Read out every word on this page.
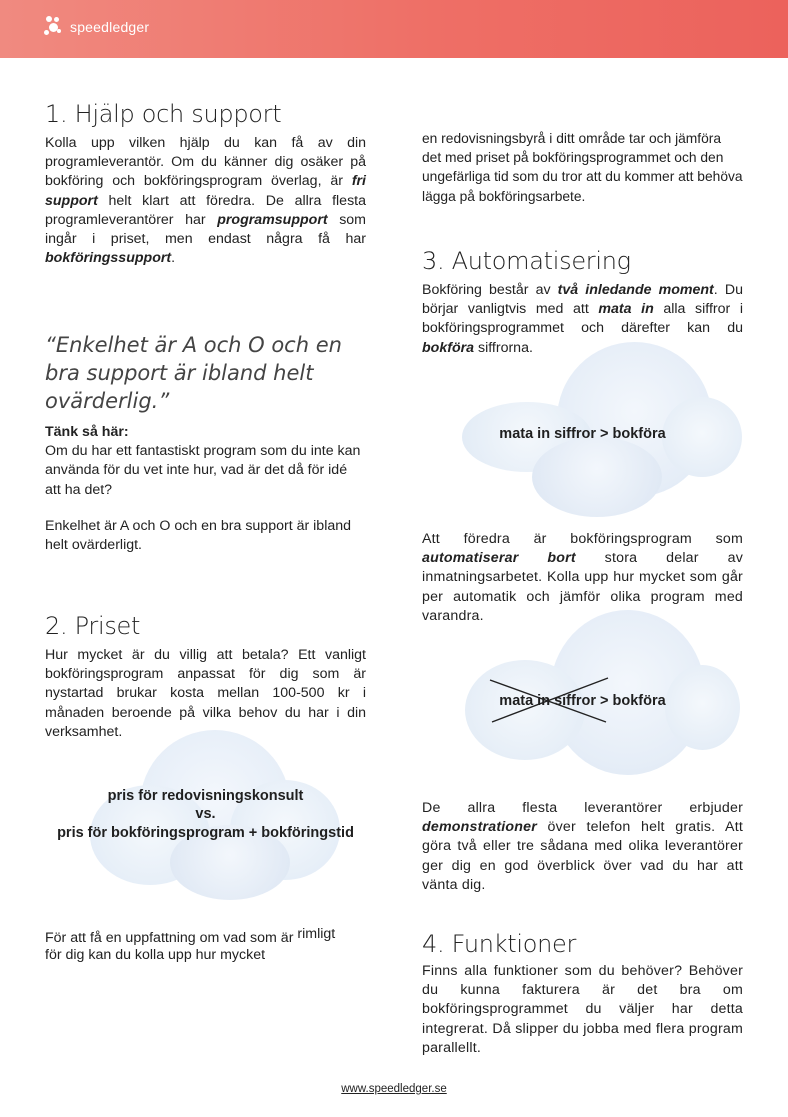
speedledger
1. Hjälp och support

Kolla upp vilken hjälp du kan få av din programleverantör. Om du känner dig osäker på bokföring och bokföringsprogram överlag, är fri support helt klart att föredra. De allra flesta programleverantörer har programsupport som ingår i priset, men endast några få har bokföringssupport.

“Enkelhet är A och O och en bra support är ibland helt ovärderlig.”

Tänk så här:

Om du har ett fantastiskt program som du inte kan använda för du vet inte hur, vad är det då för idé att ha det?

Enkelhet är A och O och en bra support är ibland helt ovärderligt.

2. Priset

Hur mycket är du villig att betala? Ett vanligt bokföringsprogram anpassat för dig som är nystartad brukar kosta mellan 100-500 kr i månaden beroende på vilka behov du har i din verksamhet.

pris för redovisningskonsult
vs.
pris för bokföringsprogram + bokföringstid
För att få en uppfattning om vad som är rimligt
för dig kan du kolla upp hur mycket

en redovisningsbyrå i ditt område tar och jämföra det med priset på bokföringsprogrammet och den ungefärliga tid som du tror att du kommer att behöva lägga på bokföringsarbete.

3. Automatisering

Bokföring består av två inledande moment. Du börjar vanligtvis med att mata in alla siffror i bokföringsprogrammet och därefter kan du bokföra siffrorna.

mata in siffror > bokföra

Att föredra är bokföringsprogram som automatiserar bort stora delar av inmatningsarbetet. Kolla upp hur mycket som går per automatik och jämför olika program med varandra.

mata in siffror > bokföra

De allra flesta leverantörer erbjuder demonstrationer över telefon helt gratis. Att göra två eller tre sådana med olika leverantörer ger dig en god överblick över vad du har att vänta dig.

4. Funktioner

Finns alla funktioner som du behöver? Behöver du kunna fakturera är det bra om bokföringsprogrammet du väljer har detta integrerat. Då slipper du jobba med flera program parallellt.

www.speedledger.se
